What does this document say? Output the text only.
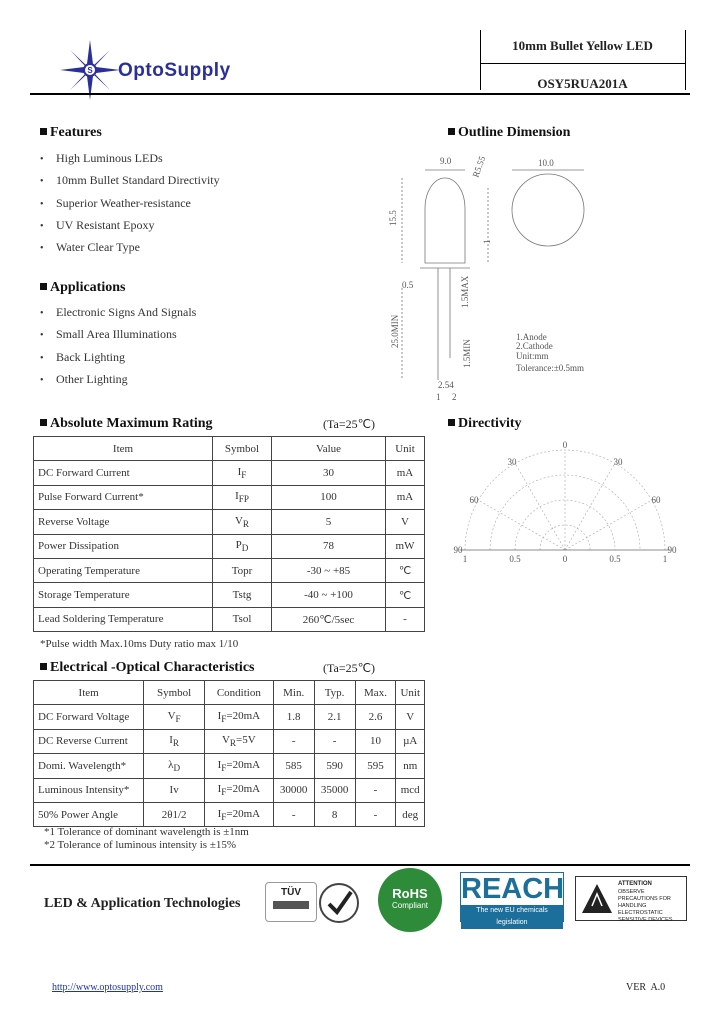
S OptoSupply
10mm Bullet Yellow LED
OSY5RUA201A
Features
• High Luminous LEDs
• 10mm Bullet Standard Directivity
• Superior Weather-resistance
• UV Resistant Epoxy
• Water Clear Type
Applications
• Electronic Signs And Signals
• Small Area Illuminations
• Back Lighting
• Other Lighting
Outline Dimension
9.0	10.0
R5.55
15.5
1
0.5	1.5MAX
25.0MIN
1.5MIN
2.54
1 2
1.Anode
2.Cathode
Unit:mm
Tolerance:±0.5mm
Absolute Maximum Rating	(Ta=25℃)
Item	Symbol	Value	Unit
DC Forward Current	$I_F$	30	mA
Pulse Forward Current*	$I_{FP}$	100	mA
Reverse Voltage	$V_R$	5	V
Power Dissipation	$P_D$	78	mW
Operating Temperature	Topr	-30 ~ +85	℃
Storage Temperature	Tstg	-40 ~ +100	℃
Lead Soldering Temperature	Tsol	260℃/5sec	-
*Pulse width Max.10ms Duty ratio max 1/10
Directivity
0
30	30
60	60
90	90
1	0.5	0	0.5	1
Electrical -Optical Characteristics	(Ta=25℃)
Item	Symbol	Condition	Min.	Typ.	Max.	Unit
DC Forward Voltage	$V_F$	$I_F=20mA$	1.8	2.1	2.6	V
DC Reverse Current	$I_R$	$V_R=5V$	-	-	10	µA
Domi. Wavelength*	$\lambda_D$	$I_F=20mA$	585	590	595	nm
Luminous Intensity*	Iv	$I_F=20mA$	30000	35000	-	mcd
50% Power Angle	2θ1/2	$I_F=20mA$	-	8	-	deg
*1 Tolerance of dominant wavelength is ±1nm
*2 Tolerance of luminous intensity is ±15%
LED & Application Technologies
TÜV	RoHS
Compliant
REACH
The new EU chemicals legislation
ATTENTION
OBSERVE PRECAUTIONS FOR HANDLING ELECTROSTATIC SENSITIVE DEVICES
http://www.optosupply.com	VER  A.0
